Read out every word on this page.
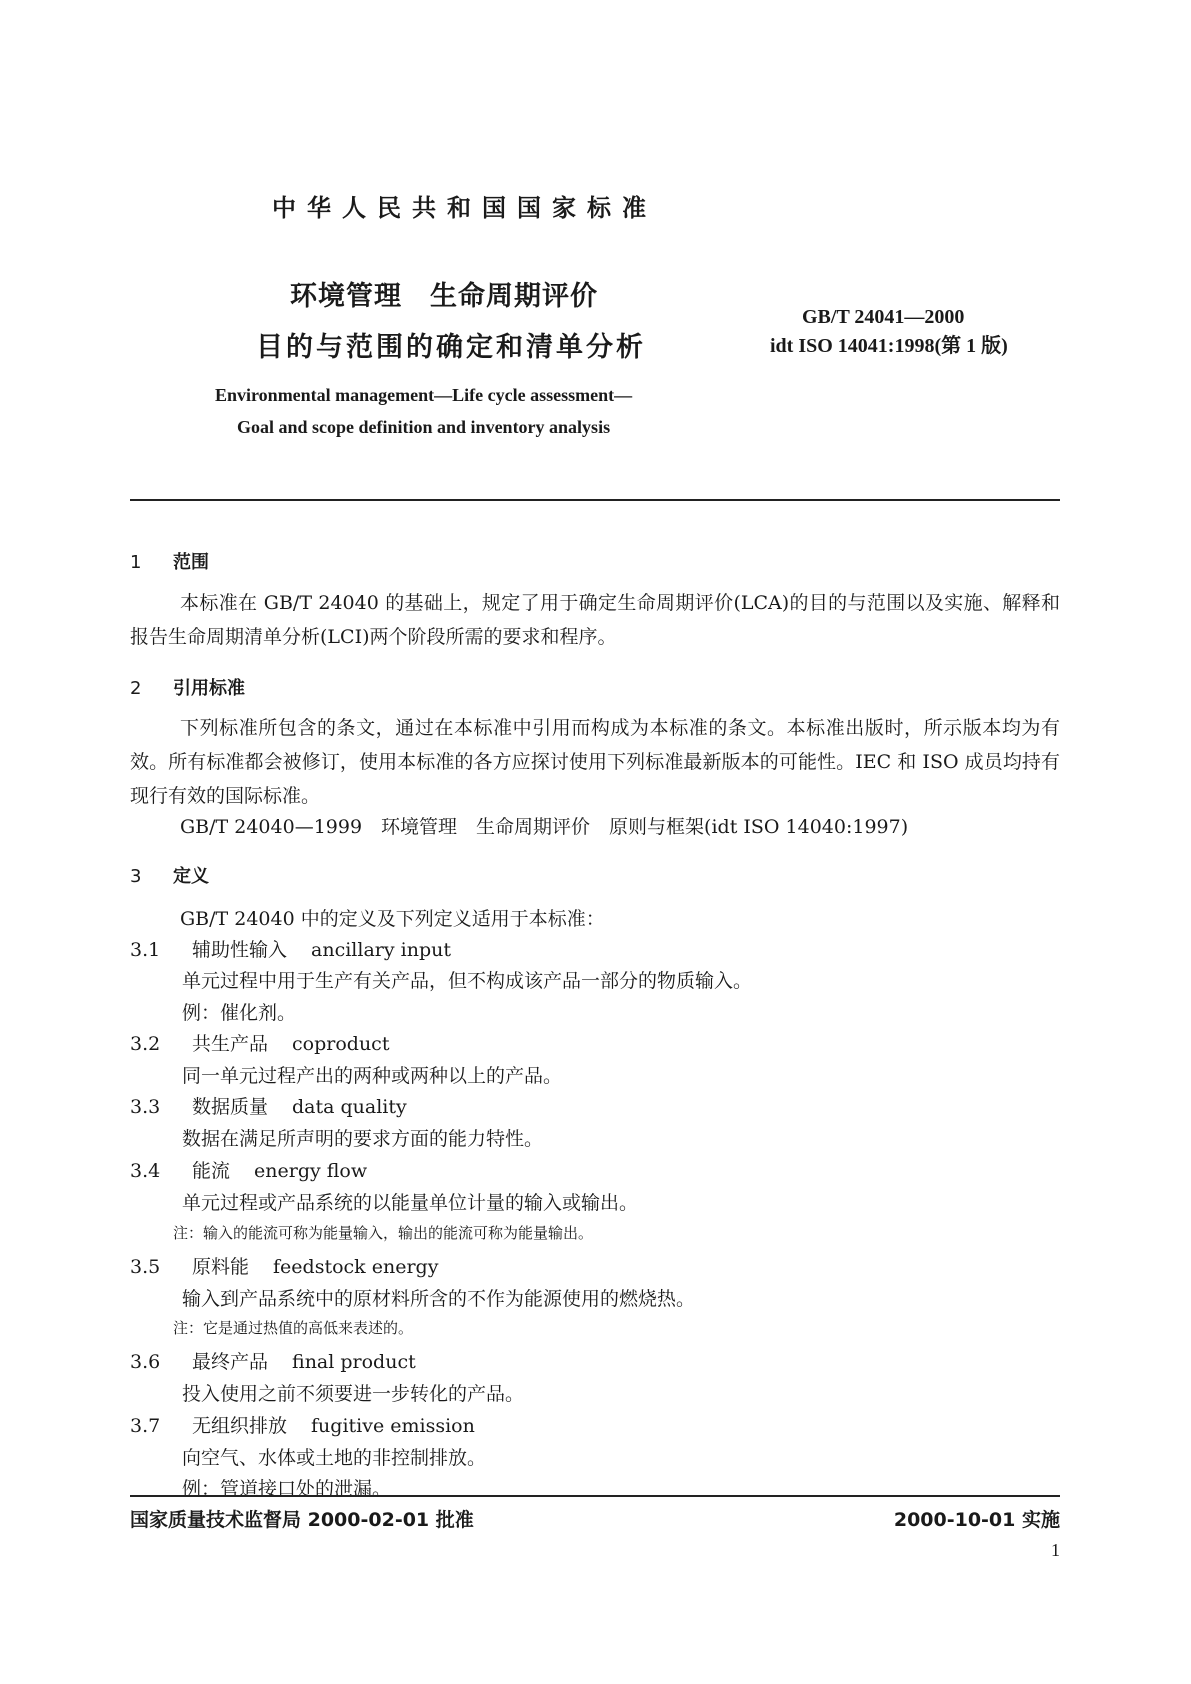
中华人民共和国国家标准
环境管理　生命周期评价
目的与范围的确定和清单分析
GB/T 24041—2000
idt ISO 14041:1998(第 1 版)
Environmental management—Life cycle assessment—
Goal and scope definition and inventory analysis
1 范围
本标准在 GB/T 24040 的基础上，规定了用于确定生命周期评价(LCA)的目的与范围以及实施、解释和报告生命周期清单分析(LCI)两个阶段所需的要求和程序。
2 引用标准
下列标准所包含的条文，通过在本标准中引用而构成为本标准的条文。本标准出版时，所示版本均为有效。所有标准都会被修订，使用本标准的各方应探讨使用下列标准最新版本的可能性。IEC 和 ISO 成员均持有现行有效的国际标准。
GB/T 24040—1999　环境管理　生命周期评价　原则与框架(idt ISO 14040:1997)
3 定义
GB/T 24040 中的定义及下列定义适用于本标准：
3.1 辅助性输入 ancillary input
单元过程中用于生产有关产品，但不构成该产品一部分的物质输入。
例：催化剂。
3.2 共生产品 coproduct
同一单元过程产出的两种或两种以上的产品。
3.3 数据质量 data quality
数据在满足所声明的要求方面的能力特性。
3.4 能流 energy flow
单元过程或产品系统的以能量单位计量的输入或输出。
注：输入的能流可称为能量输入，输出的能流可称为能量输出。
3.5 原料能 feedstock energy
输入到产品系统中的原材料所含的不作为能源使用的燃烧热。
注：它是通过热值的高低来表述的。
3.6 最终产品 final product
投入使用之前不须要进一步转化的产品。
3.7 无组织排放 fugitive emission
向空气、水体或土地的非控制排放。
例：管道接口处的泄漏。
国家质量技术监督局 2000-02-01 批准	2000-10-01 实施
1
